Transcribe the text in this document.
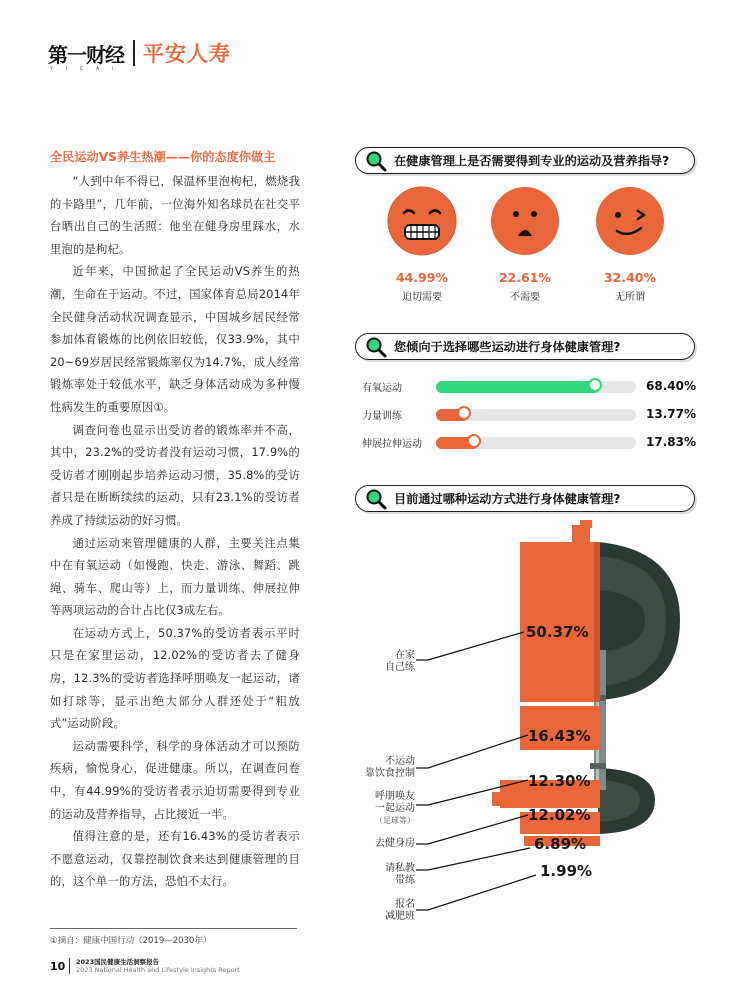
第一财经
Y I C A I
平安人寿
全民运动VS养生热潮——你的态度你做主

“人到中年不得已，保温杯里泡枸杞，燃烧我的卡路里”，几年前，一位海外知名球员在社交平台晒出自己的生活照：他坐在健身房里踩水，水里泡的是枸杞。

近年来，中国掀起了全民运动VS养生的热潮，生命在于运动。不过，国家体育总局2014年全民健身活动状况调查显示，中国城乡居民经常参加体育锻炼的比例依旧较低，仅33.9%，其中20~69岁居民经常锻炼率仅为14.7%，成人经常锻炼率处于较低水平，缺乏身体活动成为多种慢性病发生的重要原因①。

调查问卷也显示出受访者的锻炼率并不高，其中，23.2%的受访者没有运动习惯，17.9%的受访者才刚刚起步培养运动习惯，35.8%的受访者只是在断断续续的运动，只有23.1%的受访者养成了持续运动的好习惯。

通过运动来管理健康的人群，主要关注点集中在有氧运动（如慢跑、快走、游泳、舞蹈、跳绳、骑车、爬山等）上，而力量训练、伸展拉伸等两项运动的合计占比仅3成左右。

在运动方式上，50.37%的受访者表示平时只是在家里运动，12.02%的受访者去了健身房，12.3%的受访者选择呼朋唤友一起运动，诸如打球等，显示出绝大部分人群还处于“粗放式”运动阶段。

运动需要科学，科学的身体活动才可以预防疾病，愉悦身心，促进健康。所以，在调查问卷中，有44.99%的受访者表示迫切需要得到专业的运动及营养指导，占比接近一半。

值得注意的是，还有16.43%的受访者表示不愿意运动，仅靠控制饮食来达到健康管理的目的，这个单一的方法，恐怕不太行。

①摘自：健康中国行动（2019—2030年）
10 2023国民健康生活洞察报告
2023 National Health and Lifestyle Insights Report
在健康管理上是否需要得到专业的运动及营养指导?
44.99%
迫切需要
22.61%
不需要
32.40%
无所谓
您倾向于选择哪些运动进行身体健康管理?
有氧运动	68.40%
力量训练	13.77%
伸展拉伸运动	17.83%
目前通过哪种运动方式进行身体健康管理?
50.37%
16.43%
12.30%
12.02%
6.89%
1.99%
在家
自己练
不运动
靠饮食控制
呼朋唤友
一起运动
（足球等）
去健身房
请私教
带练
报名
减肥班
